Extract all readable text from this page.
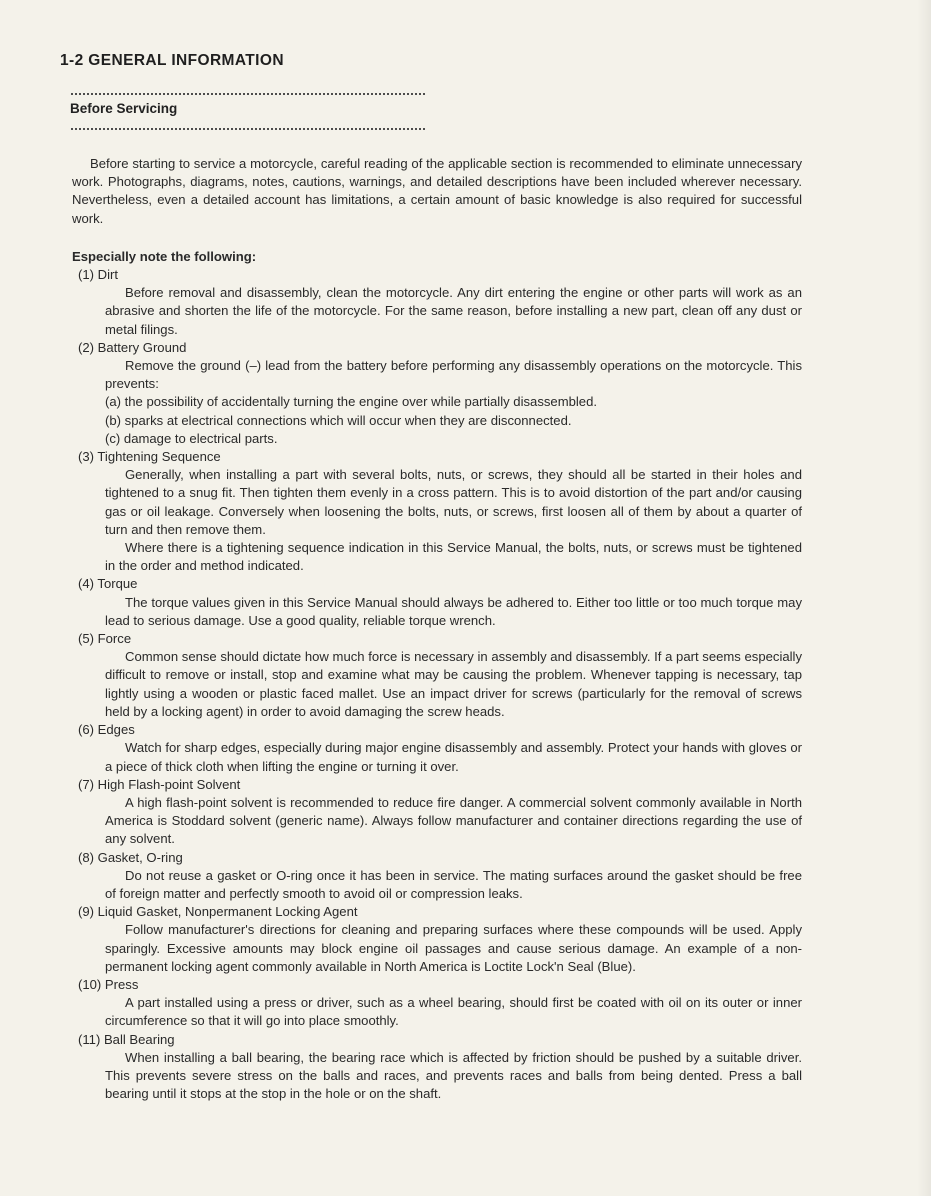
1-2 GENERAL INFORMATION
Before Servicing

Before starting to service a motorcycle, careful reading of the applicable section is recommended to eliminate unnecessary work. Photographs, diagrams, notes, cautions, warnings, and detailed descriptions have been included wherever necessary. Nevertheless, even a detailed account has limitations, a certain amount of basic knowledge is also required for successful work.

Especially note the following:

(1) Dirt

Before removal and disassembly, clean the motorcycle. Any dirt entering the engine or other parts will work as an abrasive and shorten the life of the motorcycle. For the same reason, before installing a new part, clean off any dust or metal filings.

(2) Battery Ground

Remove the ground (–) lead from the battery before performing any disassembly operations on the motorcycle. This prevents:

(a) the possibility of accidentally turning the engine over while partially disassembled.

(b) sparks at electrical connections which will occur when they are disconnected.

(c) damage to electrical parts.

(3) Tightening Sequence

Generally, when installing a part with several bolts, nuts, or screws, they should all be started in their holes and tightened to a snug fit. Then tighten them evenly in a cross pattern. This is to avoid distortion of the part and/or causing gas or oil leakage. Conversely when loosening the bolts, nuts, or screws, first loosen all of them by about a quarter of turn and then remove them.

Where there is a tightening sequence indication in this Service Manual, the bolts, nuts, or screws must be tightened in the order and method indicated.

(4) Torque

The torque values given in this Service Manual should always be adhered to. Either too little or too much torque may lead to serious damage. Use a good quality, reliable torque wrench.

(5) Force

Common sense should dictate how much force is necessary in assembly and disassembly. If a part seems especially difficult to remove or install, stop and examine what may be causing the problem. Whenever tapping is necessary, tap lightly using a wooden or plastic faced mallet. Use an impact driver for screws (particularly for the removal of screws held by a locking agent) in order to avoid damaging the screw heads.

(6) Edges

Watch for sharp edges, especially during major engine disassembly and assembly. Protect your hands with gloves or a piece of thick cloth when lifting the engine or turning it over.

(7) High Flash-point Solvent

A high flash-point solvent is recommended to reduce fire danger. A commercial solvent commonly available in North America is Stoddard solvent (generic name). Always follow manufacturer and container directions regarding the use of any solvent.

(8) Gasket, O-ring

Do not reuse a gasket or O-ring once it has been in service. The mating surfaces around the gasket should be free of foreign matter and perfectly smooth to avoid oil or compression leaks.

(9) Liquid Gasket, Nonpermanent Locking Agent

Follow manufacturer's directions for cleaning and preparing surfaces where these compounds will be used. Apply sparingly. Excessive amounts may block engine oil passages and cause serious damage. An example of a non-permanent locking agent commonly available in North America is Loctite Lock'n Seal (Blue).

(10) Press

A part installed using a press or driver, such as a wheel bearing, should first be coated with oil on its outer or inner circumference so that it will go into place smoothly.

(11) Ball Bearing

When installing a ball bearing, the bearing race which is affected by friction should be pushed by a suitable driver. This prevents severe stress on the balls and races, and prevents races and balls from being dented. Press a ball bearing until it stops at the stop in the hole or on the shaft.
